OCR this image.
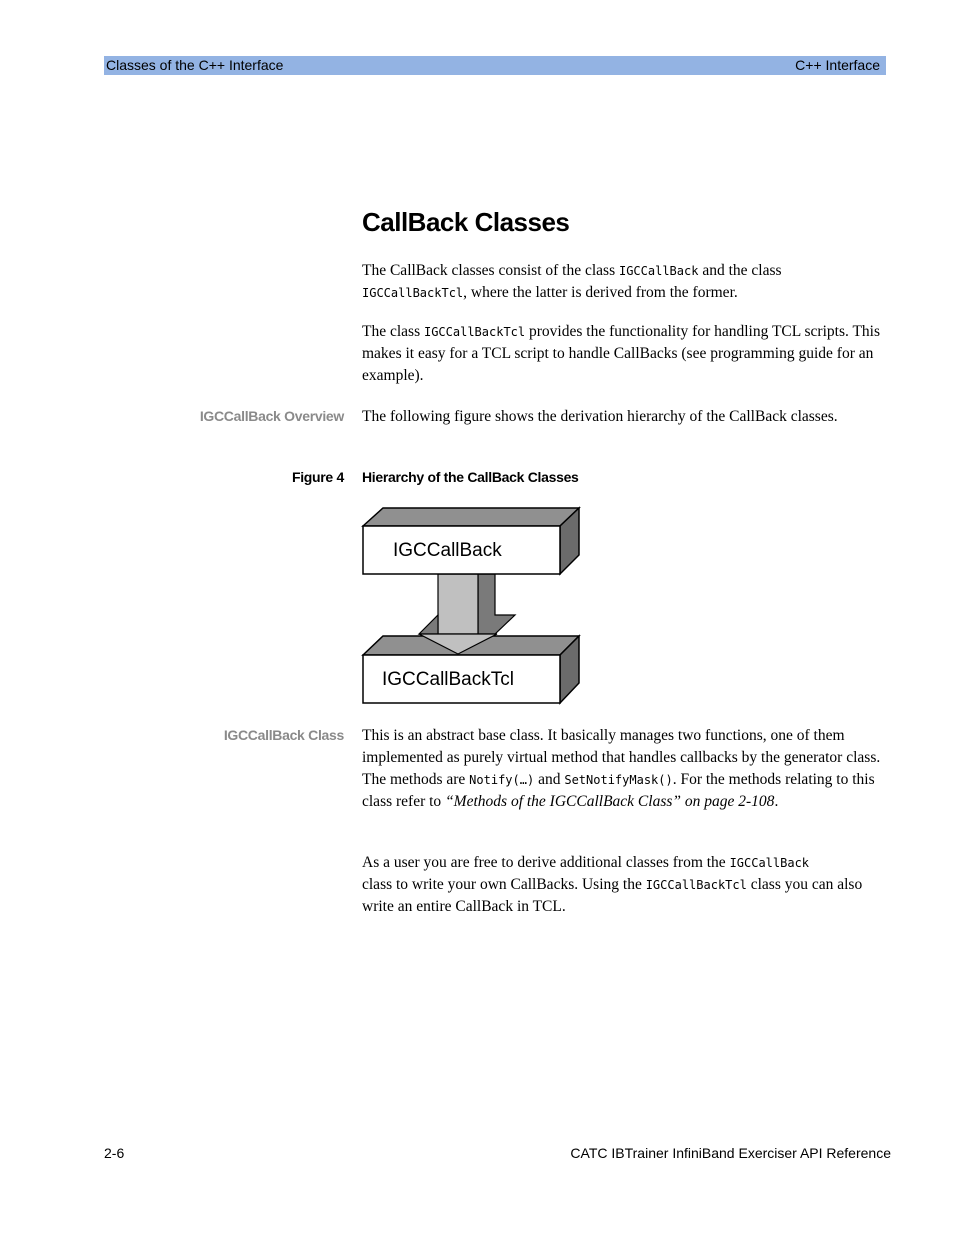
Classes of the C++ Interface	C++ Interface
CallBack Classes

The CallBack classes consist of the class IGCCallBack and the class
IGCCallBackTcl, where the latter is derived from the former.

The class IGCCallBackTcl provides the functionality for handling TCL scripts. This makes it easy for a TCL script to handle CallBacks (see programming guide for an example).

IGCCallBack Overview The following figure shows the derivation hierarchy of the CallBack classes.

Figure 4 Hierarchy of the CallBack Classes
IGCCallBackTcl
IGCCallBack
IGCCallBack Class This is an abstract base class. It basically manages two functions, one of them implemented as purely virtual method that handles callbacks by the generator class. The methods are Notify(…) and SetNotifyMask(). For the methods relating to this class refer to “Methods of the IGCCallBack Class” on page 2-108.

As a user you are free to derive additional classes from the IGCCallBack
class to write your own CallBacks. Using the IGCCallBackTcl class you can also write an entire CallBack in TCL.

2-6	CATC IBTrainer InfiniBand Exerciser API Reference
